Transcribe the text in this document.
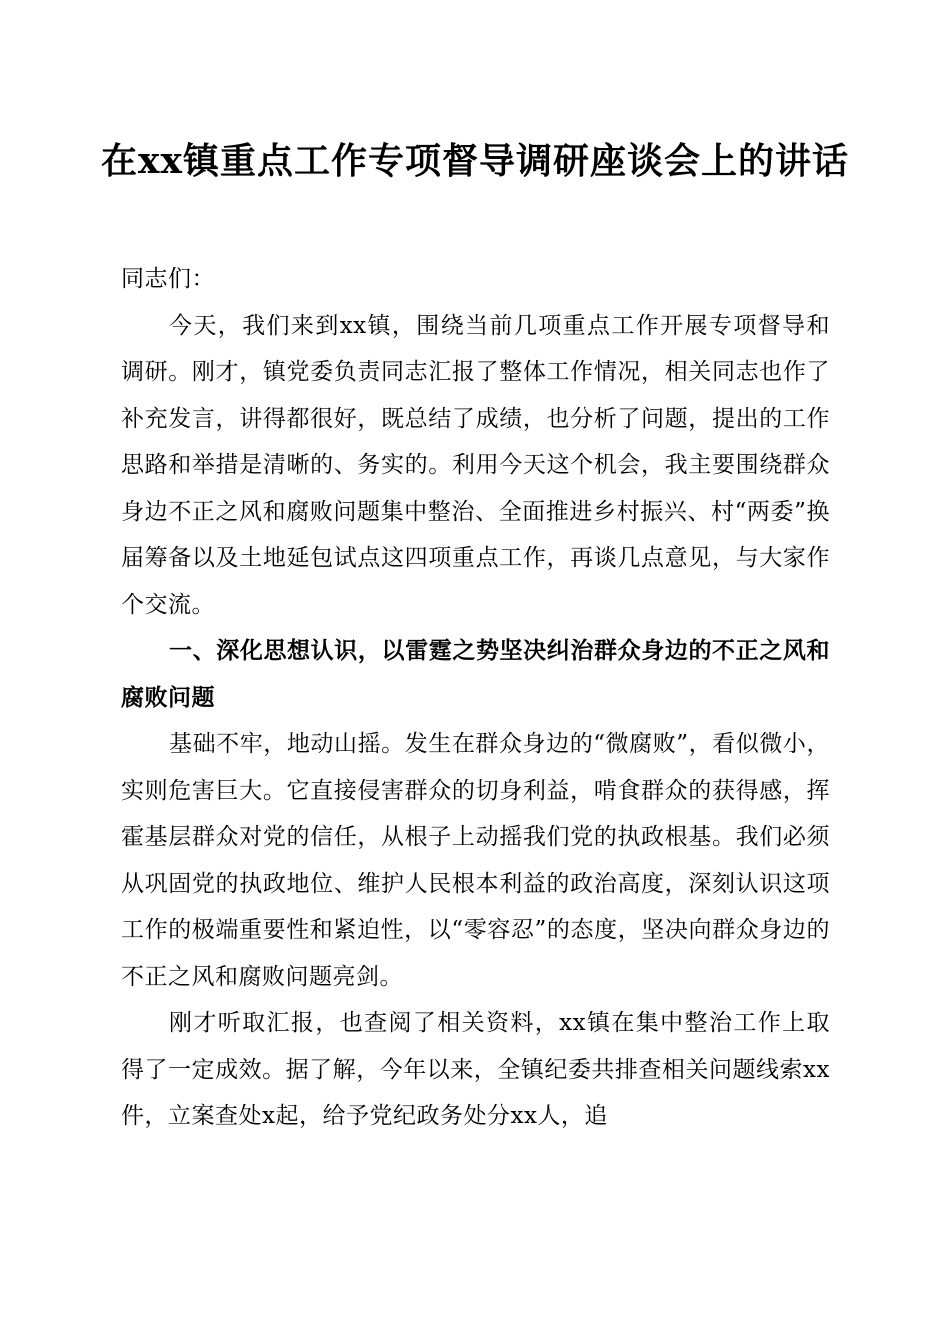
在xx镇重点工作专项督导调研座谈会上的讲话

同志们：

今天，我们来到xx镇，围绕当前几项重点工作开展专项督导和调研。刚才，镇党委负责同志汇报了整体工作情况，相关同志也作了补充发言，讲得都很好，既总结了成绩，也分析了问题，提出的工作思路和举措是清晰的、务实的。利用今天这个机会，我主要围绕群众身边不正之风和腐败问题集中整治、全面推进乡村振兴、村“两委”换届筹备以及土地延包试点这四项重点工作，再谈几点意见，与大家作个交流。

一、深化思想认识，以雷霆之势坚决纠治群众身边的不正之风和腐败问题

基础不牢，地动山摇。发生在群众身边的“微腐败”，看似微小，实则危害巨大。它直接侵害群众的切身利益，啃食群众的获得感，挥霍基层群众对党的信任，从根子上动摇我们党的执政根基。我们必须从巩固党的执政地位、维护人民根本利益的政治高度，深刻认识这项工作的极端重要性和紧迫性，以“零容忍”的态度，坚决向群众身边的不正之风和腐败问题亮剑。

刚才听取汇报，也查阅了相关资料，xx镇在集中整治工作上取得了一定成效。据了解，今年以来，全镇纪委共排查相关问题线索xx件，立案查处x起，给予党纪政务处分xx人，追
